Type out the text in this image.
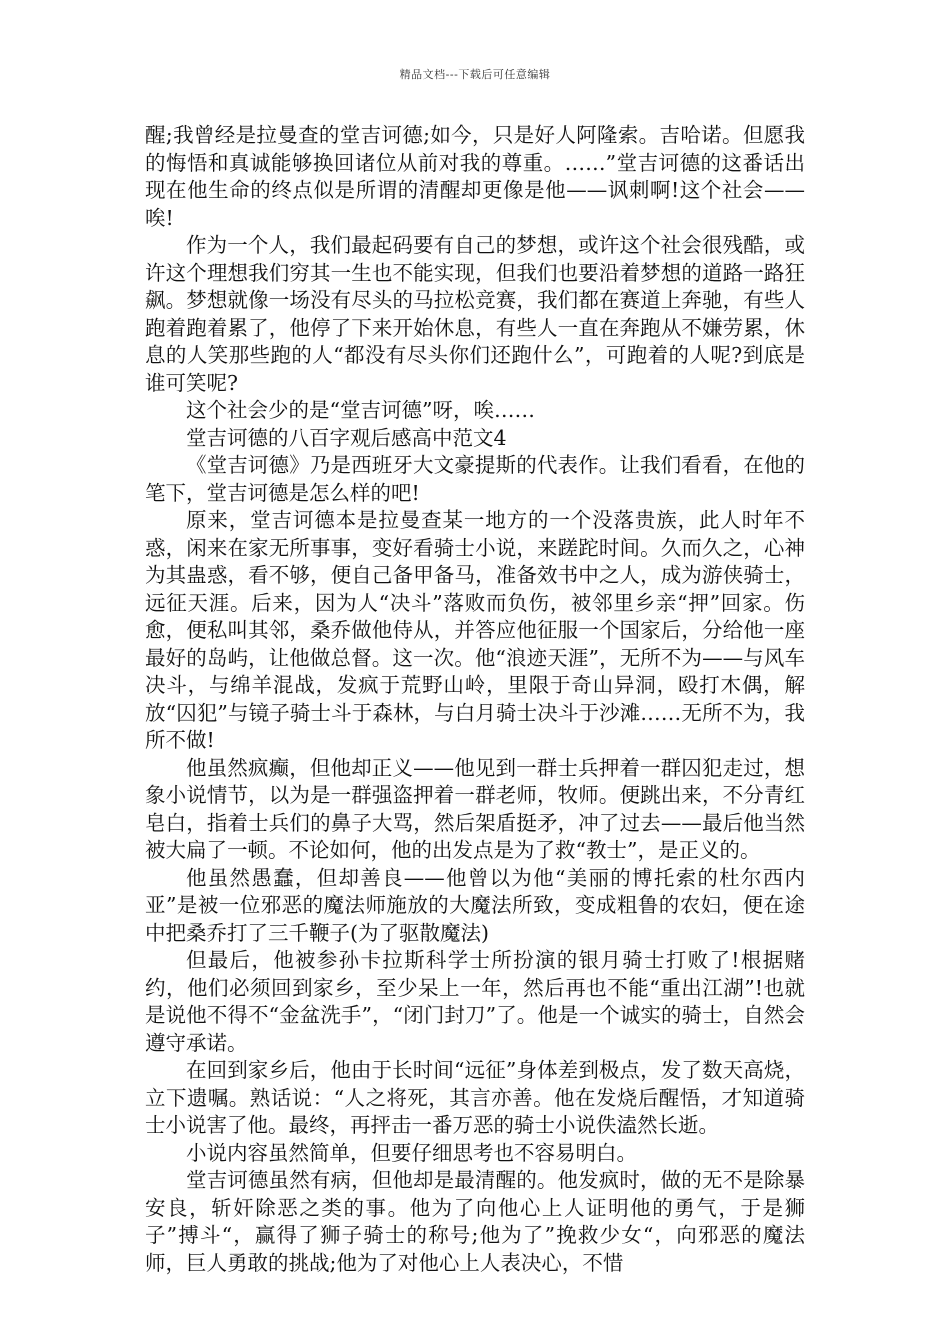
精品文档---下载后可任意编辑

醒;我曾经是拉曼查的堂吉诃德;如今，只是好人阿隆索。吉哈诺。但愿我的悔悟和真诚能够换回诸位从前对我的尊重。……”堂吉诃德的这番话出现在他生命的终点似是所谓的清醒却更像是他——讽刺啊!这个社会——唉!

作为一个人，我们最起码要有自己的梦想，或许这个社会很残酷，或许这个理想我们穷其一生也不能实现，但我们也要沿着梦想的道路一路狂飙。梦想就像一场没有尽头的马拉松竞赛，我们都在赛道上奔驰，有些人跑着跑着累了，他停了下来开始休息，有些人一直在奔跑从不嫌劳累，休息的人笑那些跑的人“都没有尽头你们还跑什么”，可跑着的人呢?到底是谁可笑呢?

这个社会少的是“堂吉诃德”呀，唉……

堂吉诃德的八百字观后感高中范文4

《堂吉诃德》乃是西班牙大文豪提斯的代表作。让我们看看，在他的笔下，堂吉诃德是怎么样的吧!

原来，堂吉诃德本是拉曼查某一地方的一个没落贵族，此人时年不惑，闲来在家无所事事，变好看骑士小说，来蹉跎时间。久而久之，心神为其蛊惑，看不够，便自己备甲备马，准备效书中之人，成为游侠骑士，远征天涯。后来，因为人“决斗”落败而负伤，被邻里乡亲“押”回家。伤愈，便私叫其邻，桑乔做他侍从，并答应他征服一个国家后，分给他一座最好的岛屿，让他做总督。这一次。他“浪迹天涯”，无所不为——与风车决斗，与绵羊混战，发疯于荒野山岭，里限于奇山异洞，殴打木偶，解放“囚犯”与镜子骑士斗于森林，与白月骑士决斗于沙滩……无所不为，我所不做!

他虽然疯癫，但他却正义——他见到一群士兵押着一群囚犯走过，想象小说情节，以为是一群强盗押着一群老师，牧师。便跳出来，不分青红皂白，指着士兵们的鼻子大骂，然后架盾挺矛，冲了过去——最后他当然被大扁了一顿。不论如何，他的出发点是为了救“教士”，是正义的。

他虽然愚蠢，但却善良——他曾以为他“美丽的博托索的杜尔西内亚”是被一位邪恶的魔法师施放的大魔法所致，变成粗鲁的农妇，便在途中把桑乔打了三千鞭子(为了驱散魔法)

但最后，他被参孙卡拉斯科学士所扮演的银月骑士打败了!根据赌约，他们必须回到家乡，至少呆上一年，然后再也不能“重出江湖”!也就是说他不得不“金盆洗手”，“闭门封刀”了。他是一个诚实的骑士，自然会遵守承诺。

在回到家乡后，他由于长时间“远征”身体差到极点，发了数天高烧，立下遗嘱。熟话说：“人之将死，其言亦善。他在发烧后醒悟，才知道骑士小说害了他。最终，再抨击一番万恶的骑士小说佚溘然长逝。

小说内容虽然简单，但要仔细思考也不容易明白。

堂吉诃德虽然有病，但他却是最清醒的。他发疯时，做的无不是除暴安良，斩奸除恶之类的事。他为了向他心上人证明他的勇气，于是狮子”搏斗“，赢得了狮子骑士的称号;他为了”挽救少女“，向邪恶的魔法师，巨人勇敢的挑战;他为了对他心上人表决心，不惜
